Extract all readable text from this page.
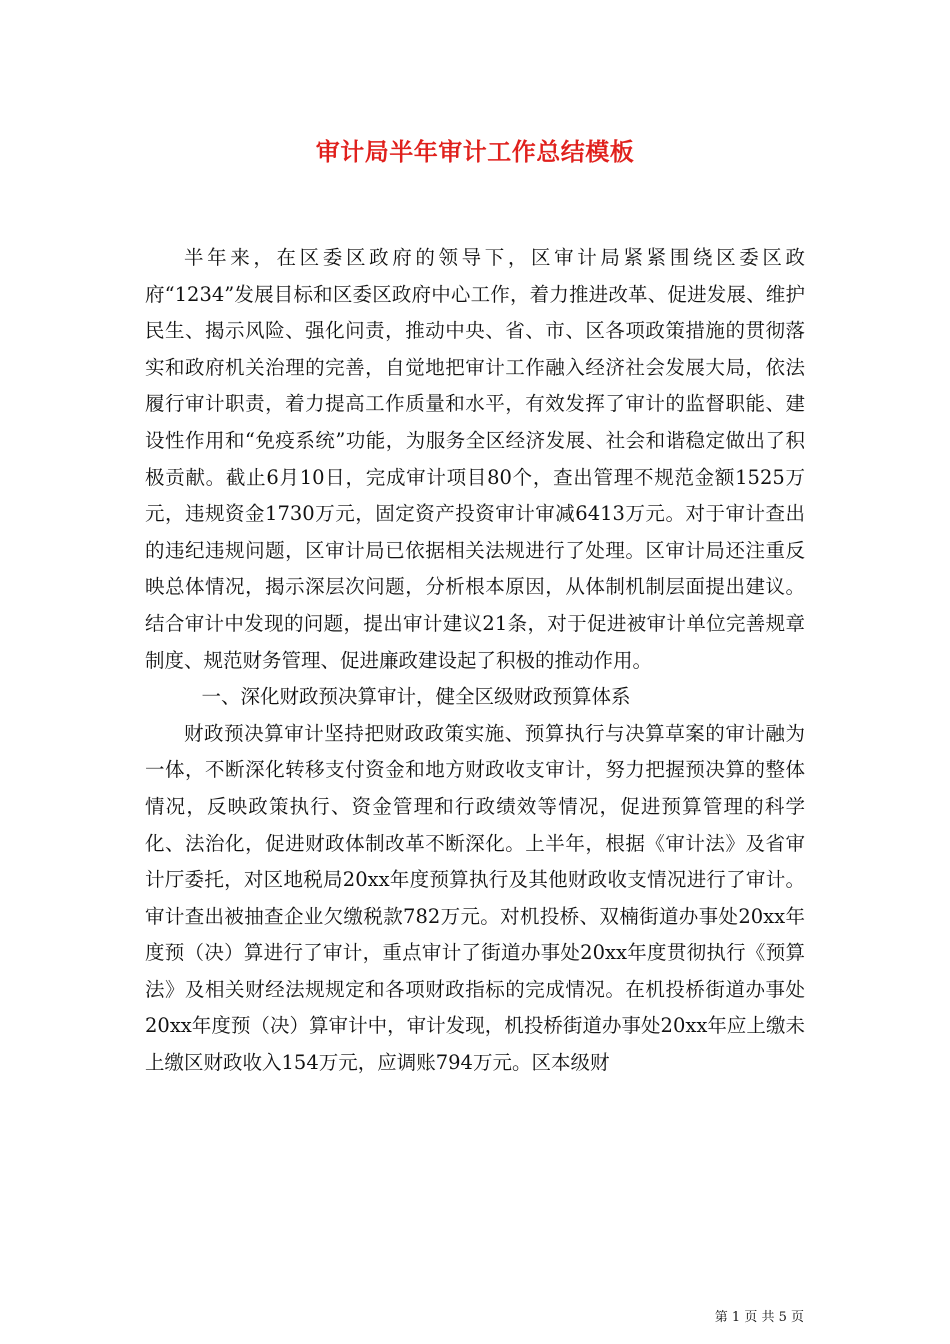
审计局半年审计工作总结模板

半年来，在区委区政府的领导下，区审计局紧紧围绕区委区政府“1234”发展目标和区委区政府中心工作，着力推进改革、促进发展、维护民生、揭示风险、强化问责，推动中央、省、市、区各项政策措施的贯彻落实和政府机关治理的完善，自觉地把审计工作融入经济社会发展大局，依法履行审计职责，着力提高工作质量和水平，有效发挥了审计的监督职能、建设性作用和“免疫系统”功能，为服务全区经济发展、社会和谐稳定做出了积极贡献。截止6月10日，完成审计项目80个，查出管理不规范金额1525万元，违规资金1730万元，固定资产投资审计审减6413万元。对于审计查出的违纪违规问题，区审计局已依据相关法规进行了处理。区审计局还注重反映总体情况，揭示深层次问题，分析根本原因，从体制机制层面提出建议。结合审计中发现的问题，提出审计建议21条，对于促进被审计单位完善规章制度、规范财务管理、促进廉政建设起了积极的推动作用。

一、深化财政预决算审计，健全区级财政预算体系

财政预决算审计坚持把财政政策实施、预算执行与决算草案的审计融为一体，不断深化转移支付资金和地方财政收支审计，努力把握预决算的整体情况，反映政策执行、资金管理和行政绩效等情况，促进预算管理的科学化、法治化，促进财政体制改革不断深化。上半年，根据《审计法》及省审计厅委托，对区地税局20xx年度预算执行及其他财政收支情况进行了审计。审计查出被抽查企业欠缴税款782万元。对机投桥、双楠街道办事处20xx年度预（决）算进行了审计，重点审计了街道办事处20xx年度贯彻执行《预算法》及相关财经法规规定和各项财政指标的完成情况。在机投桥街道办事处20xx年度预（决）算审计中，审计发现，机投桥街道办事处20xx年应上缴未上缴区财政收入154万元，应调账794万元。区本级财

第 1 页 共 5 页
